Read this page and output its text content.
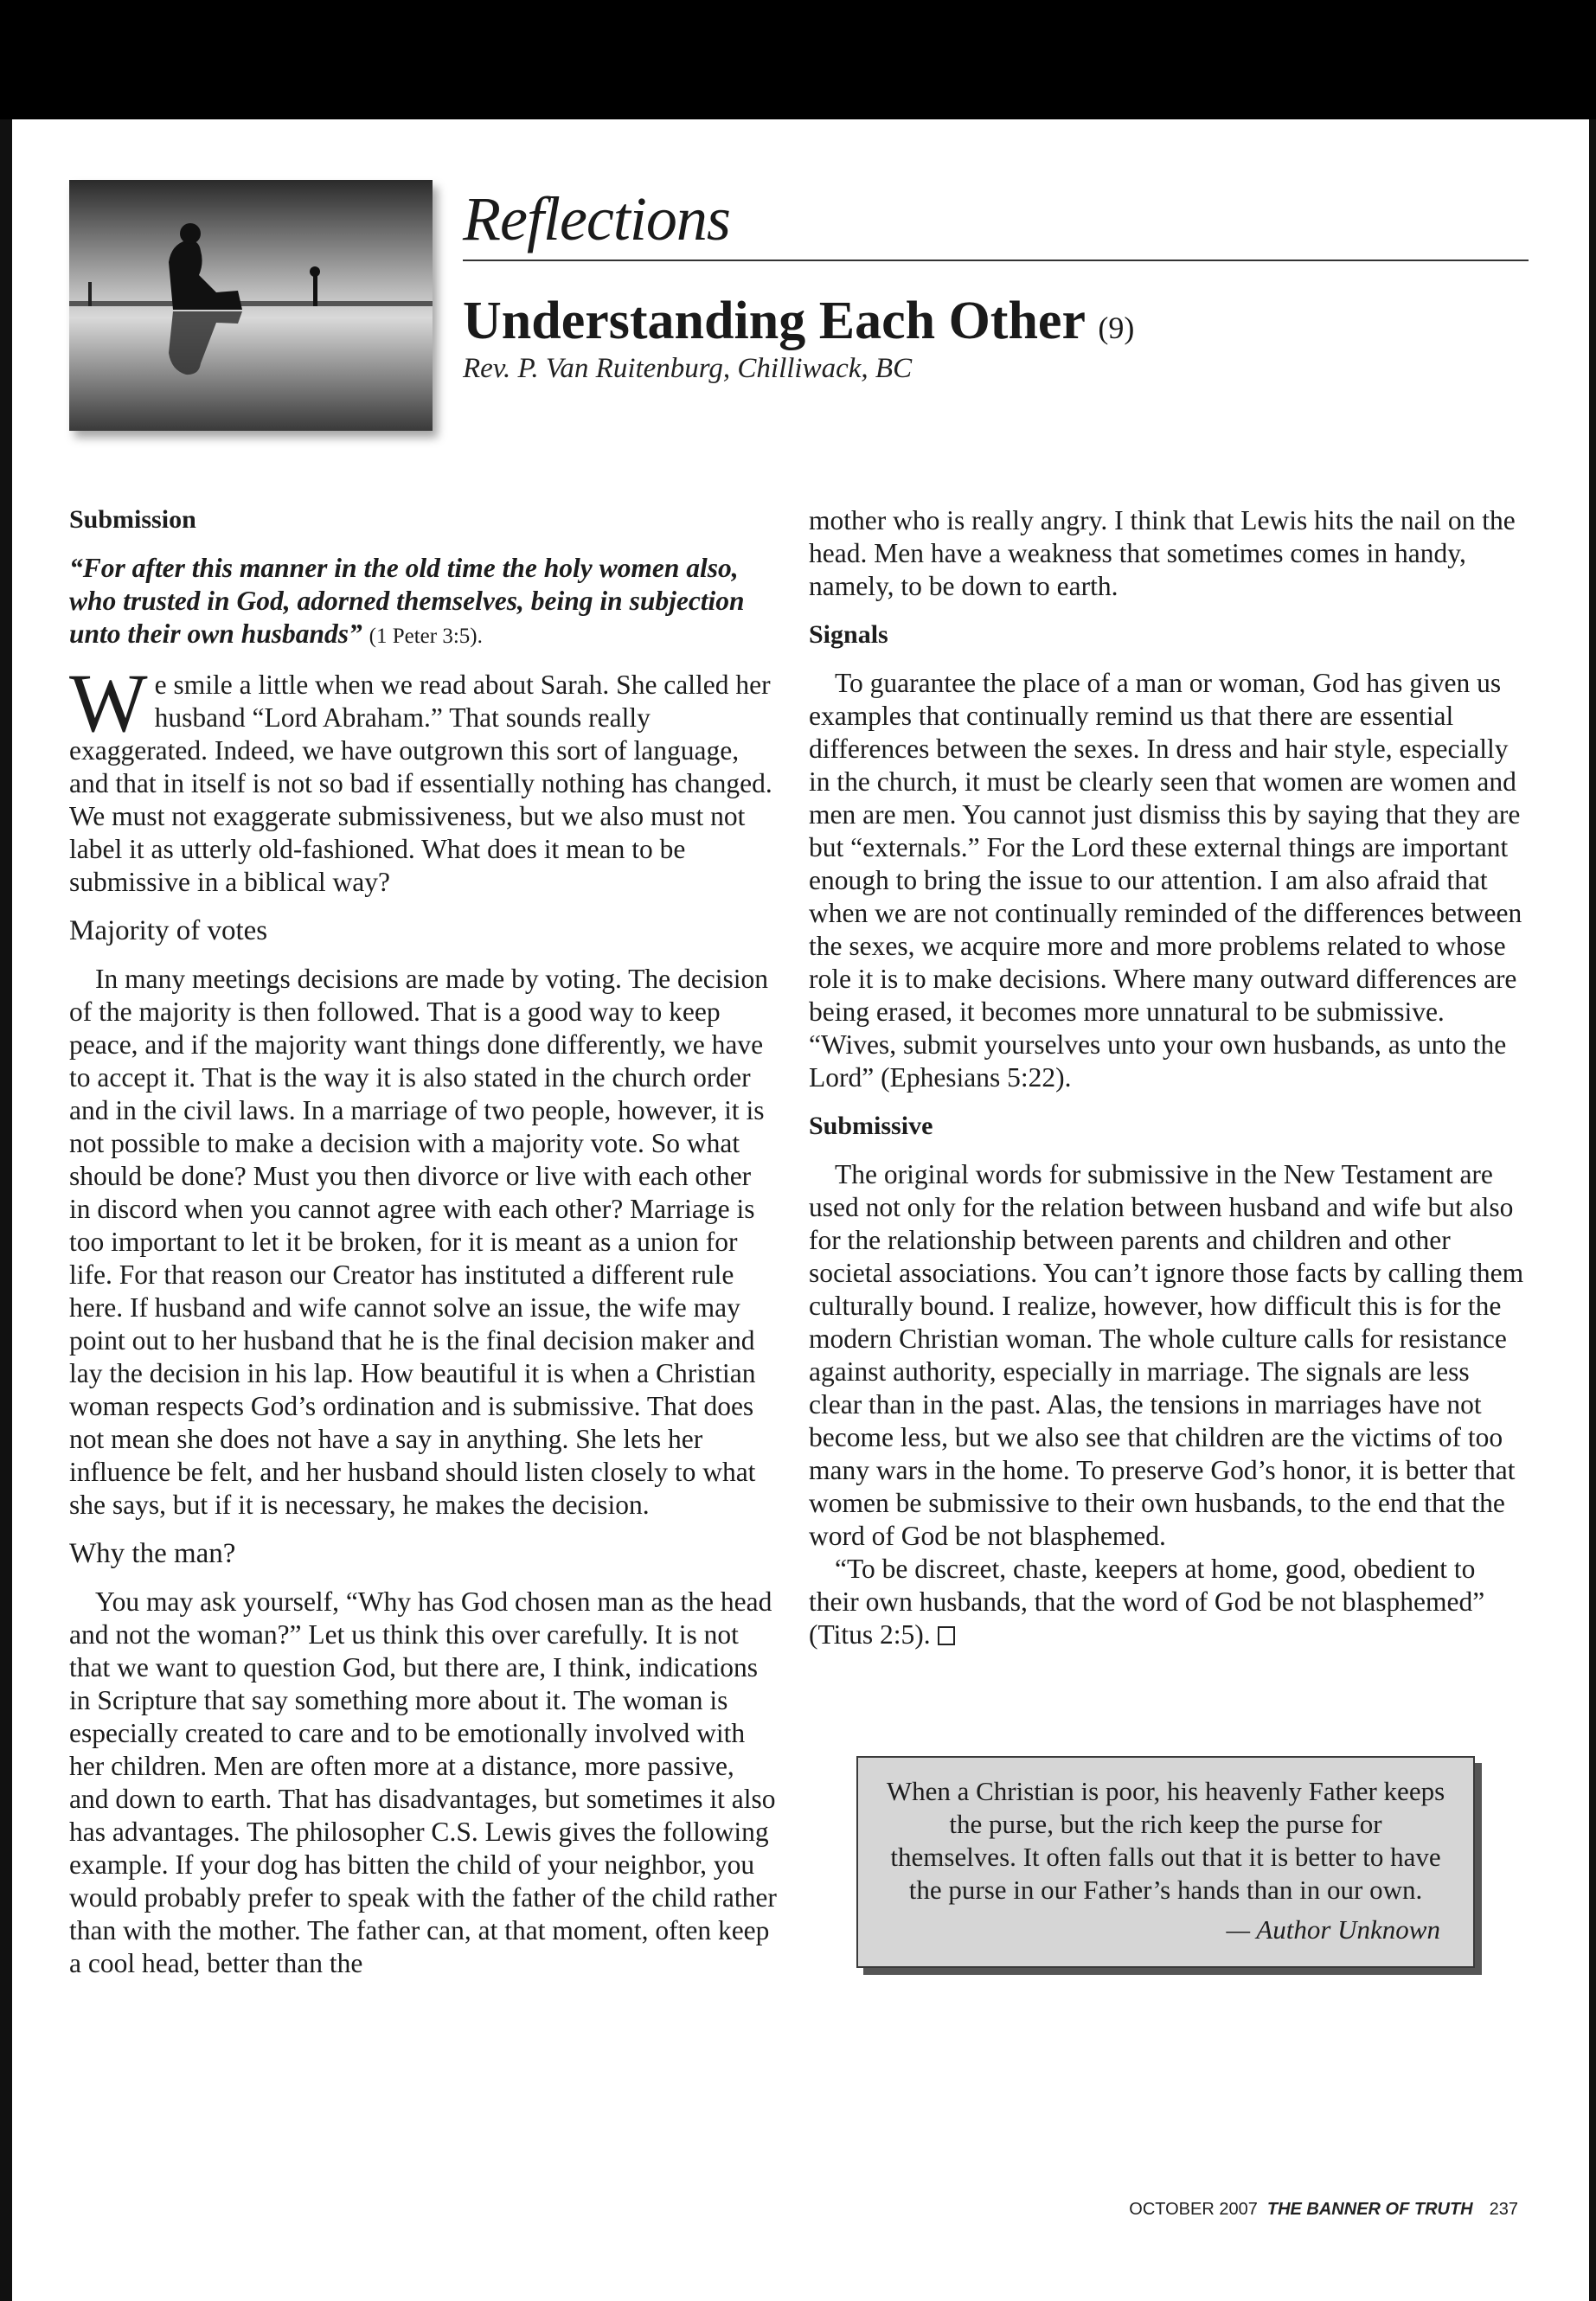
Reflections
Understanding Each Other (9)

Rev. P. Van Ruitenburg, Chilliwack, BC

Submission

“For after this manner in the old time the holy women also, who trusted in God, adorned themselves, being in subjection unto their own husbands” (1 Peter 3:5).

We smile a little when we read about Sarah. She called her husband “Lord Abraham.” That sounds really exaggerated. Indeed, we have outgrown this sort of language, and that in itself is not so bad if essentially nothing has changed. We must not exaggerate submissiveness, but we also must not label it as utterly old-fashioned. What does it mean to be submissive in a biblical way?

Majority of votes

In many meetings decisions are made by voting. The decision of the majority is then followed. That is a good way to keep peace, and if the majority want things done differently, we have to accept it. That is the way it is also stated in the church order and in the civil laws. In a marriage of two people, however, it is not possible to make a decision with a majority vote. So what should be done? Must you then divorce or live with each other in discord when you cannot agree with each other? Marriage is too important to let it be broken, for it is meant as a union for life. For that reason our Creator has instituted a different rule here. If husband and wife cannot solve an issue, the wife may point out to her husband that he is the final decision maker and lay the decision in his lap. How beautiful it is when a Christian woman respects God’s ordination and is submissive. That does not mean she does not have a say in anything. She lets her influence be felt, and her husband should listen closely to what she says, but if it is necessary, he makes the decision.

Why the man?

You may ask yourself, “Why has God chosen man as the head and not the woman?” Let us think this over carefully. It is not that we want to question God, but there are, I think, indications in Scripture that say something more about it. The woman is especially created to care and to be emotionally involved with her children. Men are often more at a distance, more passive, and down to earth. That has disadvantages, but sometimes it also has advantages. The philosopher C.S. Lewis gives the following example. If your dog has bitten the child of your neighbor, you would probably prefer to speak with the father of the child rather than with the mother. The father can, at that moment, often keep a cool head, better than the

mother who is really angry. I think that Lewis hits the nail on the head. Men have a weakness that sometimes comes in handy, namely, to be down to earth.

Signals

To guarantee the place of a man or woman, God has given us examples that continually remind us that there are essential differences between the sexes. In dress and hair style, especially in the church, it must be clearly seen that women are women and men are men. You cannot just dismiss this by saying that they are but “externals.” For the Lord these external things are important enough to bring the issue to our attention. I am also afraid that when we are not continually reminded of the differences between the sexes, we acquire more and more problems related to whose role it is to make decisions. Where many outward differences are being erased, it becomes more unnatural to be submissive. “Wives, submit yourselves unto your own husbands, as unto the Lord” (Ephesians 5:22).

Submissive

The original words for submissive in the New Testament are used not only for the relation between husband and wife but also for the relationship between parents and children and other societal associations. You can’t ignore those facts by calling them culturally bound. I realize, however, how difficult this is for the modern Christian woman. The whole culture calls for resistance against authority, especially in marriage. The signals are less clear than in the past. Alas, the tensions in marriages have not become less, but we also see that children are the victims of too many wars in the home. To preserve God’s honor, it is better that women be submissive to their own husbands, to the end that the word of God be not blasphemed.

“To be discreet, chaste, keepers at home, good, obedient to their own husbands, that the word of God be not blasphemed” (Titus 2:5).

When a Christian is poor, his heavenly Father keeps the purse, but the rich keep the purse for themselves. It often falls out that it is better to have the purse in our Father’s hands than in our own.
— Author Unknown
OCTOBER 2007 THE BANNER OF TRUTH 237
